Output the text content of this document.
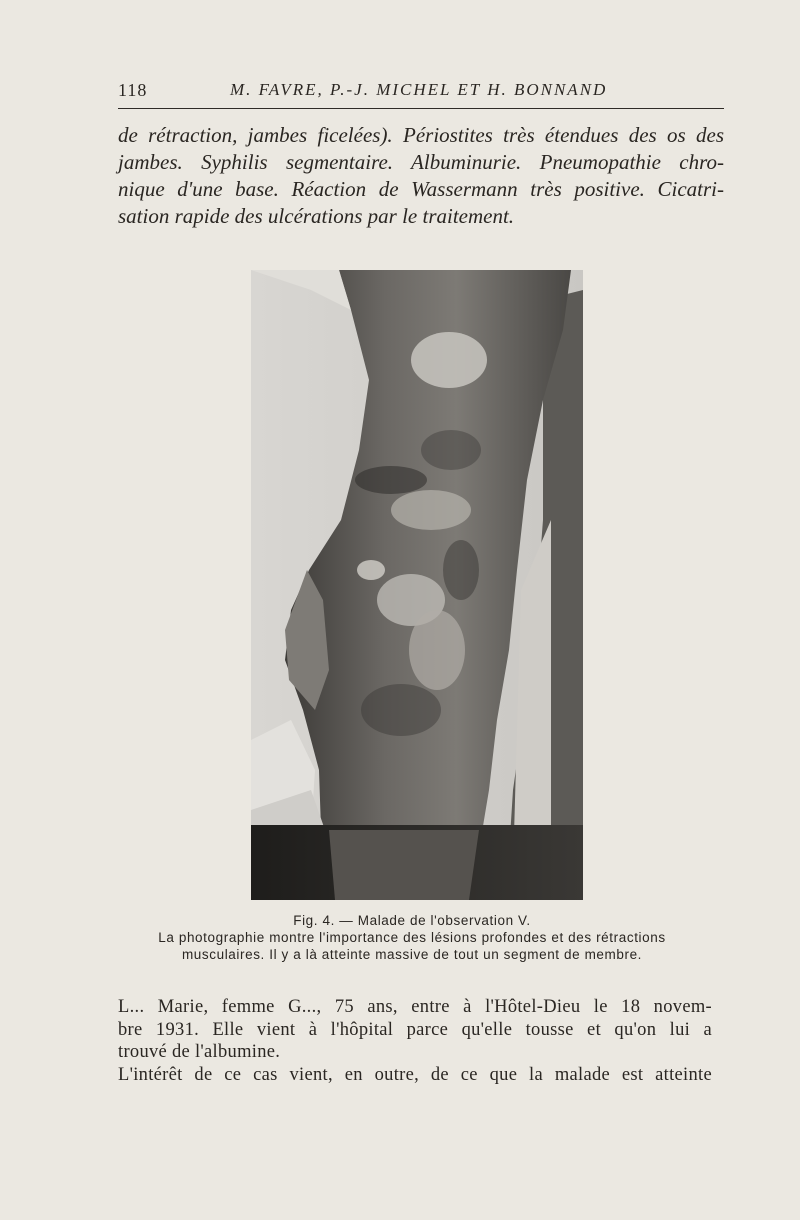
118	M. FAVRE, P.-J. MICHEL ET H. BONNAND
de rétraction, jambes ficelées). Périostites très étendues des os des
jambes. Syphilis segmentaire. Albuminurie. Pneumopathie chro-
nique d'une base. Réaction de Wassermann très positive. Cicatri-
sation rapide des ulcérations par le traitement.
Fig. 4. — Malade de l'observation V.
La photographie montre l'importance des lésions profondes et des rétractions
musculaires. Il y a là atteinte massive de tout un segment de membre.
L... Marie, femme G..., 75 ans, entre à l'Hôtel-Dieu le 18 novem-
bre 1931. Elle vient à l'hôpital parce qu'elle tousse et qu'on lui a
trouvé de l'albumine.
L'intérêt de ce cas vient, en outre, de ce que la malade est atteinte
